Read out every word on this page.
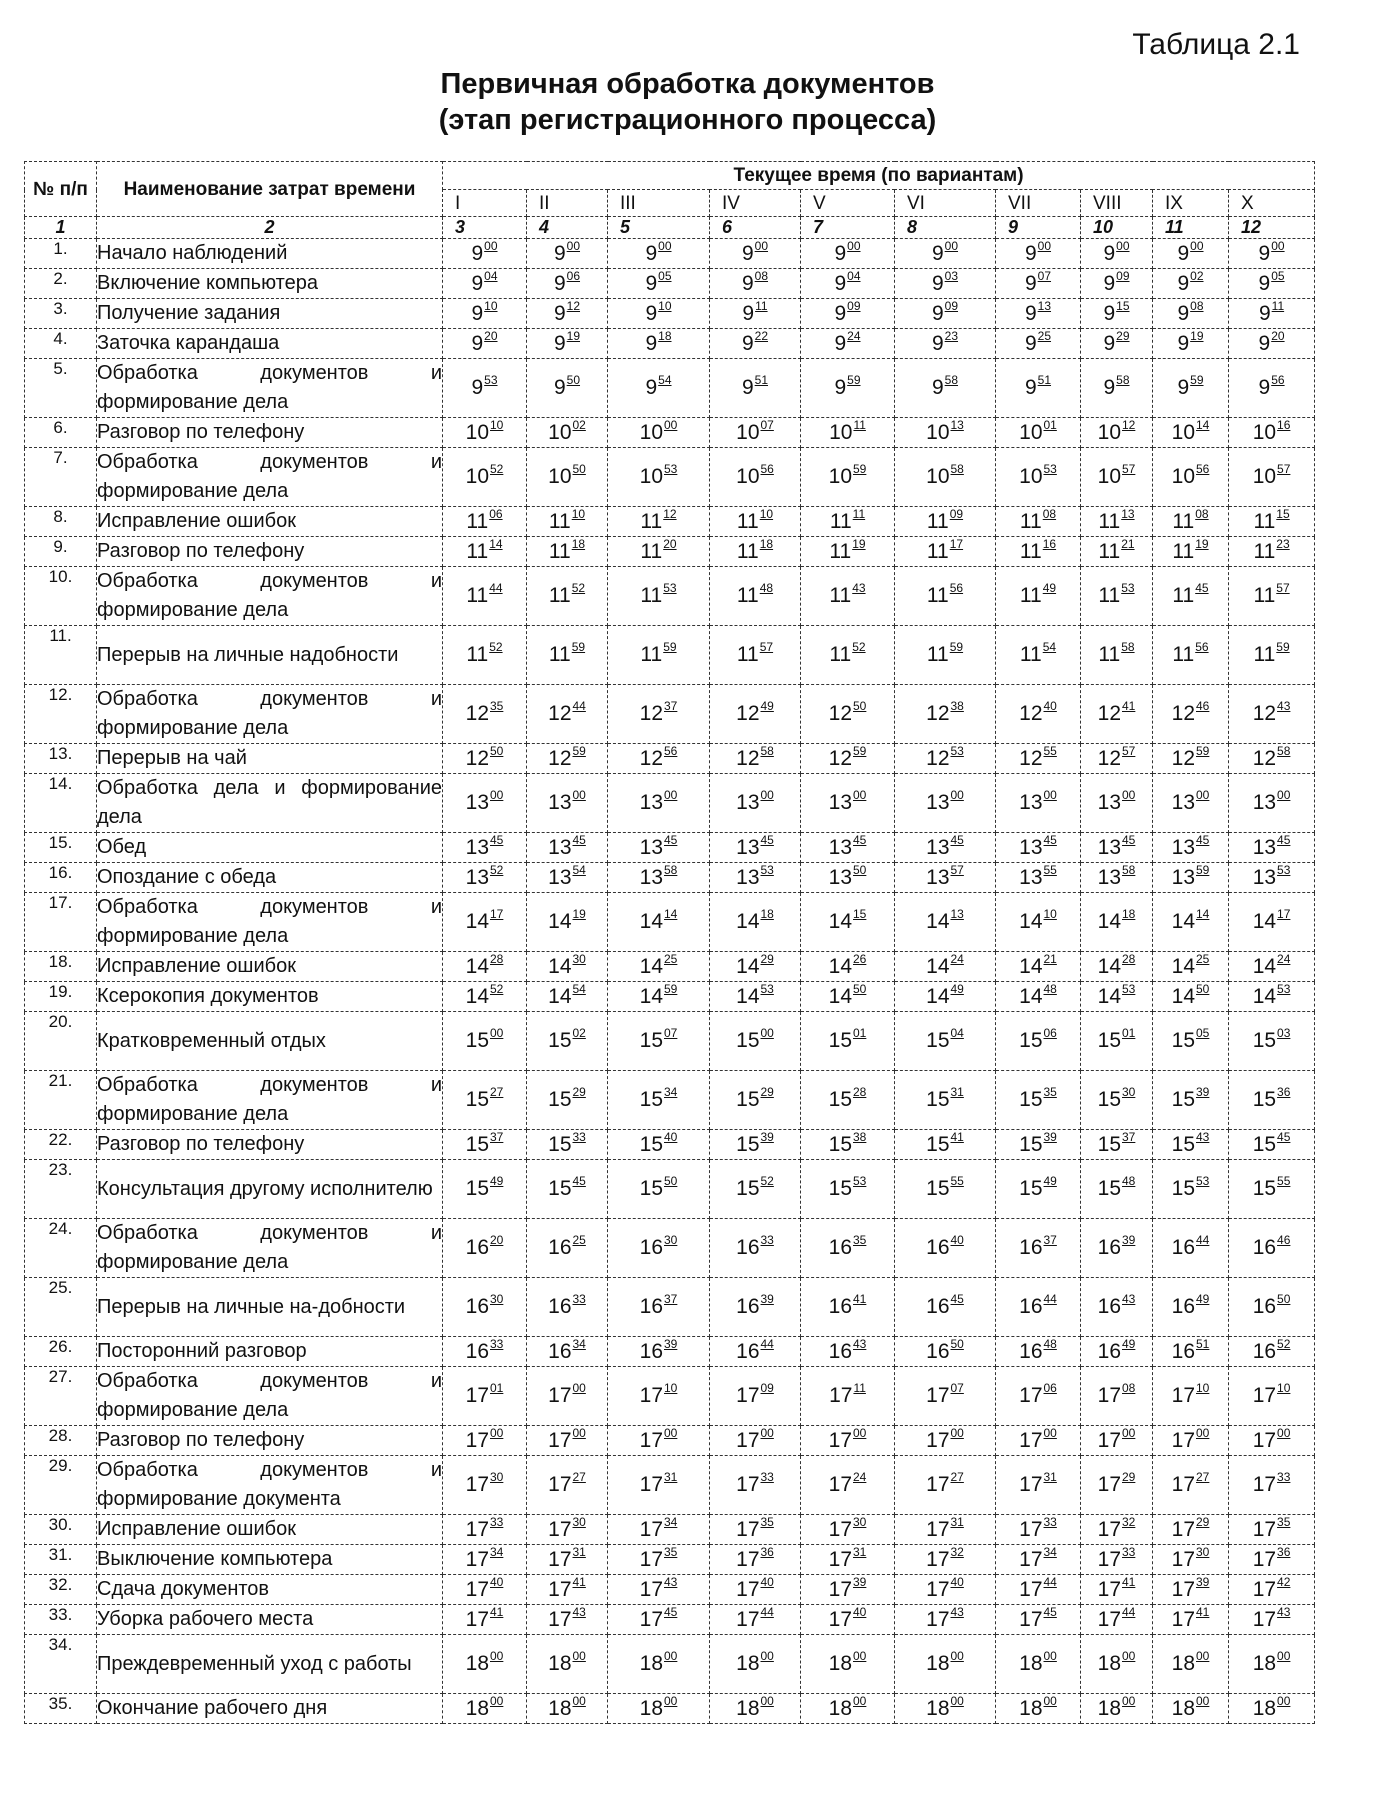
Таблица 2.1
Первичная обработка документов
(этап регистрационного процесса)
№ п/п	Наименование затрат времени	Текущее время (по вариантам)									
		I	II	III	IV	V	VI	VII	VIII	IX	X
1	2	3	4	5	6	7	8	9	10	11	12
1.	Начало наблюдений	$9^{00}$	$9^{00}$	$9^{00}$	$9^{00}$	$9^{00}$	$9^{00}$	$9^{00}$	$9^{00}$	$9^{00}$	$9^{00}$
2.	Включение компьютера	$9^{04}$	$9^{06}$	$9^{05}$	$9^{08}$	$9^{04}$	$9^{03}$	$9^{07}$	$9^{09}$	$9^{02}$	$9^{05}$
3.	Получение задания	$9^{10}$	$9^{12}$	$9^{10}$	$9^{11}$	$9^{09}$	$9^{09}$	$9^{13}$	$9^{15}$	$9^{08}$	$9^{11}$
4.	Заточка карандаша	$9^{20}$	$9^{19}$	$9^{18}$	$9^{22}$	$9^{24}$	$9^{23}$	$9^{25}$	$9^{29}$	$9^{19}$	$9^{20}$
5.	Обработка документов и формирование дела	$9^{53}$	$9^{50}$	$9^{54}$	$9^{51}$	$9^{59}$	$9^{58}$	$9^{51}$	$9^{58}$	$9^{59}$	$9^{56}$
6.	Разговор по телефону	$10^{10}$	$10^{02}$	$10^{00}$	$10^{07}$	$10^{11}$	$10^{13}$	$10^{01}$	$10^{12}$	$10^{14}$	$10^{16}$
7.	Обработка документов и формирование дела	$10^{52}$	$10^{50}$	$10^{53}$	$10^{56}$	$10^{59}$	$10^{58}$	$10^{53}$	$10^{57}$	$10^{56}$	$10^{57}$
8.	Исправление ошибок	$11^{06}$	$11^{10}$	$11^{12}$	$11^{10}$	$11^{11}$	$11^{09}$	$11^{08}$	$11^{13}$	$11^{08}$	$11^{15}$
9.	Разговор по телефону	$11^{14}$	$11^{18}$	$11^{20}$	$11^{18}$	$11^{19}$	$11^{17}$	$11^{16}$	$11^{21}$	$11^{19}$	$11^{23}$
10.	Обработка документов и формирование дела	$11^{44}$	$11^{52}$	$11^{53}$	$11^{48}$	$11^{43}$	$11^{56}$	$11^{49}$	$11^{53}$	$11^{45}$	$11^{57}$
11.	Перерыв на личные надобности	$11^{52}$	$11^{59}$	$11^{59}$	$11^{57}$	$11^{52}$	$11^{59}$	$11^{54}$	$11^{58}$	$11^{56}$	$11^{59}$
12.	Обработка документов и формирование дела	$12^{35}$	$12^{44}$	$12^{37}$	$12^{49}$	$12^{50}$	$12^{38}$	$12^{40}$	$12^{41}$	$12^{46}$	$12^{43}$
13.	Перерыв на чай	$12^{50}$	$12^{59}$	$12^{56}$	$12^{58}$	$12^{59}$	$12^{53}$	$12^{55}$	$12^{57}$	$12^{59}$	$12^{58}$
14.	Обработка дела и формирование дела	$13^{00}$	$13^{00}$	$13^{00}$	$13^{00}$	$13^{00}$	$13^{00}$	$13^{00}$	$13^{00}$	$13^{00}$	$13^{00}$
15.	Обед	$13^{45}$	$13^{45}$	$13^{45}$	$13^{45}$	$13^{45}$	$13^{45}$	$13^{45}$	$13^{45}$	$13^{45}$	$13^{45}$
16.	Опоздание с обеда	$13^{52}$	$13^{54}$	$13^{58}$	$13^{53}$	$13^{50}$	$13^{57}$	$13^{55}$	$13^{58}$	$13^{59}$	$13^{53}$
17.	Обработка документов и формирование дела	$14^{17}$	$14^{19}$	$14^{14}$	$14^{18}$	$14^{15}$	$14^{13}$	$14^{10}$	$14^{18}$	$14^{14}$	$14^{17}$
18.	Исправление ошибок	$14^{28}$	$14^{30}$	$14^{25}$	$14^{29}$	$14^{26}$	$14^{24}$	$14^{21}$	$14^{28}$	$14^{25}$	$14^{24}$
19.	Ксерокопия документов	$14^{52}$	$14^{54}$	$14^{59}$	$14^{53}$	$14^{50}$	$14^{49}$	$14^{48}$	$14^{53}$	$14^{50}$	$14^{53}$
20.	Кратковременный отдых	$15^{00}$	$15^{02}$	$15^{07}$	$15^{00}$	$15^{01}$	$15^{04}$	$15^{06}$	$15^{01}$	$15^{05}$	$15^{03}$
21.	Обработка документов и формирование дела	$15^{27}$	$15^{29}$	$15^{34}$	$15^{29}$	$15^{28}$	$15^{31}$	$15^{35}$	$15^{30}$	$15^{39}$	$15^{36}$
22.	Разговор по телефону	$15^{37}$	$15^{33}$	$15^{40}$	$15^{39}$	$15^{38}$	$15^{41}$	$15^{39}$	$15^{37}$	$15^{43}$	$15^{45}$
23.	Консультация другому исполнителю	$15^{49}$	$15^{45}$	$15^{50}$	$15^{52}$	$15^{53}$	$15^{55}$	$15^{49}$	$15^{48}$	$15^{53}$	$15^{55}$
24.	Обработка документов и формирование дела	$16^{20}$	$16^{25}$	$16^{30}$	$16^{33}$	$16^{35}$	$16^{40}$	$16^{37}$	$16^{39}$	$16^{44}$	$16^{46}$
25.	Перерыв на личные на-добности	$16^{30}$	$16^{33}$	$16^{37}$	$16^{39}$	$16^{41}$	$16^{45}$	$16^{44}$	$16^{43}$	$16^{49}$	$16^{50}$
26.	Посторонний разговор	$16^{33}$	$16^{34}$	$16^{39}$	$16^{44}$	$16^{43}$	$16^{50}$	$16^{48}$	$16^{49}$	$16^{51}$	$16^{52}$
27.	Обработка документов и формирование дела	$17^{01}$	$17^{00}$	$17^{10}$	$17^{09}$	$17^{11}$	$17^{07}$	$17^{06}$	$17^{08}$	$17^{10}$	$17^{10}$
28.	Разговор по телефону	$17^{00}$	$17^{00}$	$17^{00}$	$17^{00}$	$17^{00}$	$17^{00}$	$17^{00}$	$17^{00}$	$17^{00}$	$17^{00}$
29.	Обработка документов и формирование документа	$17^{30}$	$17^{27}$	$17^{31}$	$17^{33}$	$17^{24}$	$17^{27}$	$17^{31}$	$17^{29}$	$17^{27}$	$17^{33}$
30.	Исправление ошибок	$17^{33}$	$17^{30}$	$17^{34}$	$17^{35}$	$17^{30}$	$17^{31}$	$17^{33}$	$17^{32}$	$17^{29}$	$17^{35}$
31.	Выключение компьютера	$17^{34}$	$17^{31}$	$17^{35}$	$17^{36}$	$17^{31}$	$17^{32}$	$17^{34}$	$17^{33}$	$17^{30}$	$17^{36}$
32.	Сдача документов	$17^{40}$	$17^{41}$	$17^{43}$	$17^{40}$	$17^{39}$	$17^{40}$	$17^{44}$	$17^{41}$	$17^{39}$	$17^{42}$
33.	Уборка рабочего места	$17^{41}$	$17^{43}$	$17^{45}$	$17^{44}$	$17^{40}$	$17^{43}$	$17^{45}$	$17^{44}$	$17^{41}$	$17^{43}$
34.	Преждевременный уход с работы	$18^{00}$	$18^{00}$	$18^{00}$	$18^{00}$	$18^{00}$	$18^{00}$	$18^{00}$	$18^{00}$	$18^{00}$	$18^{00}$
35.	Окончание рабочего дня	$18^{00}$	$18^{00}$	$18^{00}$	$18^{00}$	$18^{00}$	$18^{00}$	$18^{00}$	$18^{00}$	$18^{00}$	$18^{00}$
